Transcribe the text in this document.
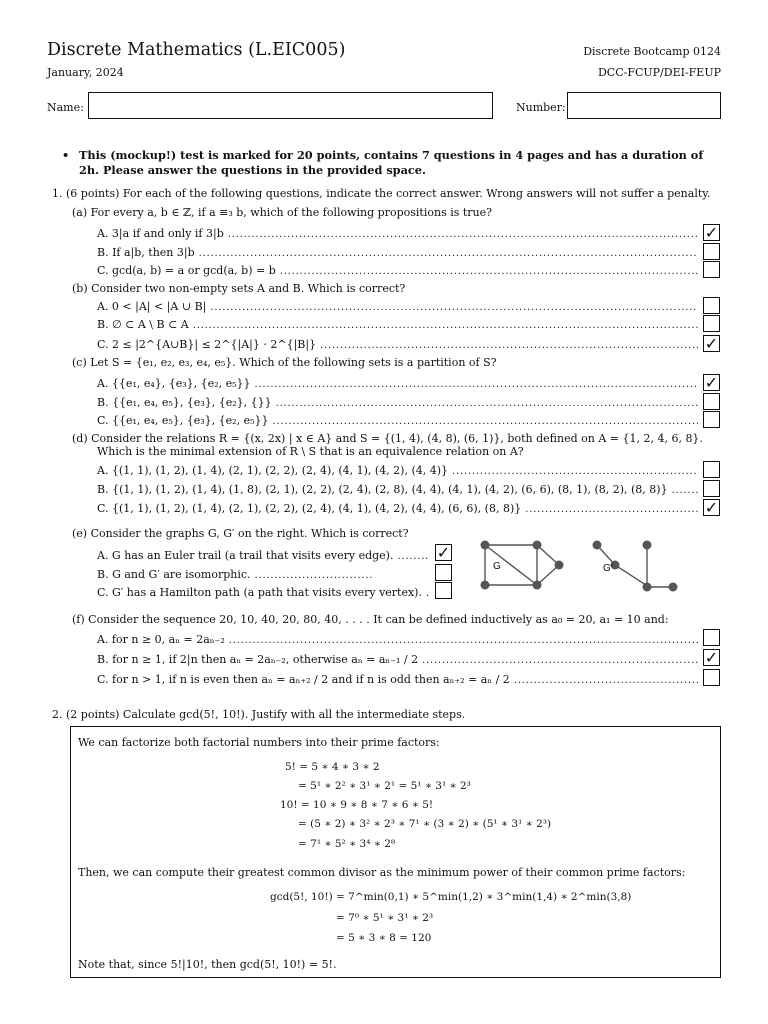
Discrete Mathematics (L.EIC005)
January, 2024
Discrete Bootcamp 0124
DCC-FCUP/DEI-FEUP
Name:	Number:
• This (mockup!) test is marked for 20 points, contains 7 questions in 4 pages and has a duration of 2h. Please answer the questions in the provided space.
1. (6 points) For each of the following questions, indicate the correct answer. Wrong answers will not suffer a penalty.
(a) For every a, b ∈ ℤ, if a ≡₃ b, which of the following propositions is true?
A. 3|a if and only if 3|b . . .	✓
B. If a|b, then 3|b
. . .
C. gcd(a, b) = a or gcd(a, b) = b
. . .
(b) Consider two non-empty sets A and B. Which is correct?
A. 0 < |A| < |A ∪ B|
. . .
B. ∅ ⊂ A \ B ⊂ A
. . .
C. 2 ≤ |2^{A∪B}| ≤ 2^{|A|} · 2^{|B|} . . .	✓
(c) Let S = {e₁, e₂, e₃, e₄, e₅}. Which of the following sets is a partition of S?
A. {{e₁, e₄}, {e₃}, {e₂, e₅}} . . .	✓
B. {{e₁, e₄, e₅}, {e₃}, {e₂}, {}}
. . .
C. {{e₁, e₄, e₅}, {e₃}, {e₂, e₅}}
. . .
(d) Consider the relations R = {(x, 2x) | x ∈ A} and S = {(1, 4), (4, 8), (6, 1)}, both defined on A = {1, 2, 4, 6, 8}.
Which is the minimal extension of R \ S that is an equivalence relation on A?
A. {(1, 1), (1, 2), (1, 4), (2, 1), (2, 2), (2, 4), (4, 1), (4, 2), (4, 4)}
. . .
B. {(1, 1), (1, 2), (1, 4), (1, 8), (2, 1), (2, 2), (2, 4), (2, 8), (4, 4), (4, 1), (4, 2), (6, 6), (8, 1), (8, 2), (8, 8)}
. . .
C. {(1, 1), (1, 2), (1, 4), (2, 1), (2, 2), (2, 4), (4, 1), (4, 2), (4, 4), (6, 6), (8, 8)} . . .	✓
(e) Consider the graphs G, G′ on the right. Which is correct?
A. G has an Euler trail (a trail that visits every edge). . . .	✓
B. G and G′ are isomorphic.
. . .
C. G′ has a Hamilton path (a path that visits every vertex).
. . .
G	G'
(f) Consider the sequence 20, 10, 40, 20, 80, 40, . . . . It can be defined inductively as a₀ = 20, a₁ = 10 and:
A. for n ≥ 0, aₙ = 2aₙ₋₂
. . .
B. for n ≥ 1, if 2|n then aₙ = 2aₙ₋₂, otherwise aₙ = aₙ₋₁ / 2 . . .	✓
C. for n > 1, if n is even then aₙ = aₙ₊₂ / 2 and if n is odd then aₙ₊₂ = aₙ / 2
. . .
2. (2 points) Calculate gcd(5!, 10!). Justify with all the intermediate steps.
We can factorize both factorial numbers into their prime factors:
5! = 5 ∗ 4 ∗ 3 ∗ 2
= 5¹ ∗ 2² ∗ 3¹ ∗ 2¹ = 5¹ ∗ 3¹ ∗ 2³
10! = 10 ∗ 9 ∗ 8 ∗ 7 ∗ 6 ∗ 5!
= (5 ∗ 2) ∗ 3² ∗ 2³ ∗ 7¹ ∗ (3 ∗ 2) ∗ (5¹ ∗ 3¹ ∗ 2³)
= 7¹ ∗ 5² ∗ 3⁴ ∗ 2⁸
Then, we can compute their greatest common divisor as the minimum power of their common prime factors:
gcd(5!, 10!) = 7^min(0,1) ∗ 5^min(1,2) ∗ 3^min(1,4) ∗ 2^min(3,8)
= 7⁰ ∗ 5¹ ∗ 3¹ ∗ 2³
= 5 ∗ 3 ∗ 8 = 120
Note that, since 5!|10!, then gcd(5!, 10!) = 5!.
